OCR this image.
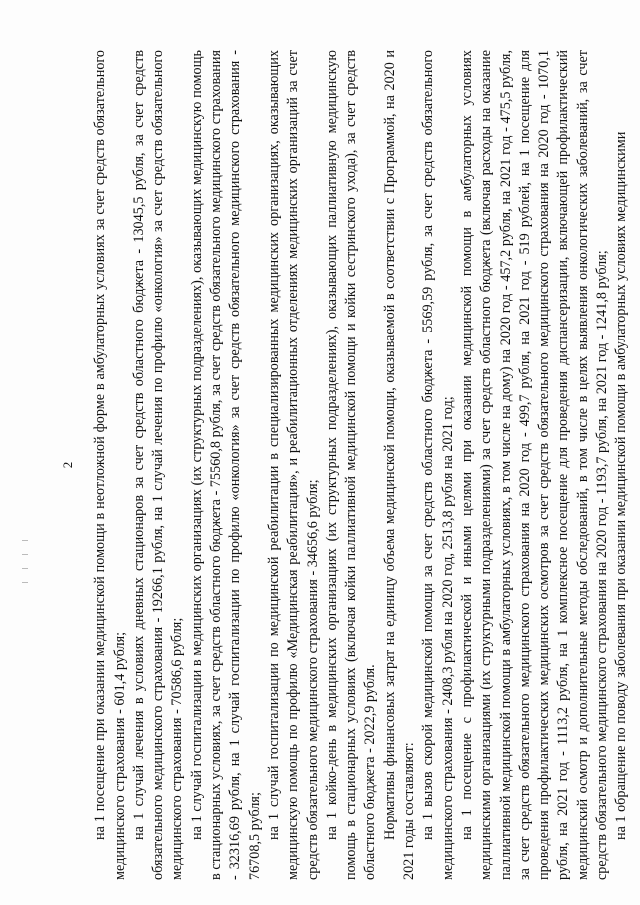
2 на 1 посещение при оказании медицинской помощи в неотложной форме в амбулаторных условиях за счет средств обязательного медицинского страхования - 601,4 рубля; на 1 случай лечения в условиях дневных стационаров за счет средств областного бюджета - 13045,5 рубля, за счет средств обязательного медицинского страхования - 19266,1 рубля, на 1 случай лечения по профилю «онкология» за счет средств обязательного медицинского страхования - 70586,6 рубля; на 1 случай госпитализации в медицинских организациях (их структурных подразделениях), оказывающих медицинскую помощь в стационарных условиях, за счет средств областного бюджета - 75560,8 рубля, за счет средств обязательного медицинского страхования - 32316,69 рубля, на 1 случай госпитализации по профилю «онкология» за счет средств обязательного медицинского страхования - 76708,5 рубля; на 1 случай госпитализации по медицинской реабилитации в специализированных медицинских организациях, оказывающих медицинскую помощь по профилю «Медицинская реабилитация», и реабилитационных отделениях медицинских организаций за счет средств обязательного медицинского страхования - 34656,6 рубля; на 1 койко-день в медицинских организациях (их структурных подразделениях), оказывающих паллиативную медицинскую помощь в стационарных условиях (включая койки паллиативной медицинской помощи и койки сестринского ухода), за счет средств областного бюджета - 2022,9 рубля. Нормативы финансовых затрат на единицу объема медицинской помощи, оказываемой в соответствии с Программой, на 2020 и 2021 годы составляют: на 1 вызов скорой медицинской помощи за счет средств областного бюджета - 5569,59 рубля, за счет средств обязательного медицинского страхования - 2408,3 рубля на 2020 год, 2513,8 рубля на 2021 год; на 1 посещение с профилактической и иными целями при оказании медицинской помощи в амбулаторных условиях медицинскими организациями (их структурными подразделениями) за счет средств областного бюджета (включая расходы на оказание паллиативной медицинской помощи в амбулаторных условиях, в том числе на дому) на 2020 год - 457,2 рубля, на 2021 год - 475,5 рубля, за счет средств обязательного медицинского страхования на 2020 год - 499,7 рубля, на 2021 год - 519 рублей, на 1 посещение для проведения профилактических медицинских осмотров за счет средств обязательного медицинского страхования на 2020 год - 1070,1 рубля, на 2021 год - 1113,2 рубля, на 1 комплексное посещение для проведения диспансеризации, включающей профилактический медицинский осмотр и дополнительные методы обследований, в том числе в целях выявления онкологических заболеваний, за счет средств обязательного медицинского страхования на 2020 год - 1193,7 рубля, на 2021 год - 1241,8 рубля; на 1 обращение по поводу заболевания при оказании медицинской помощи в амбулаторных условиях медицинскими
